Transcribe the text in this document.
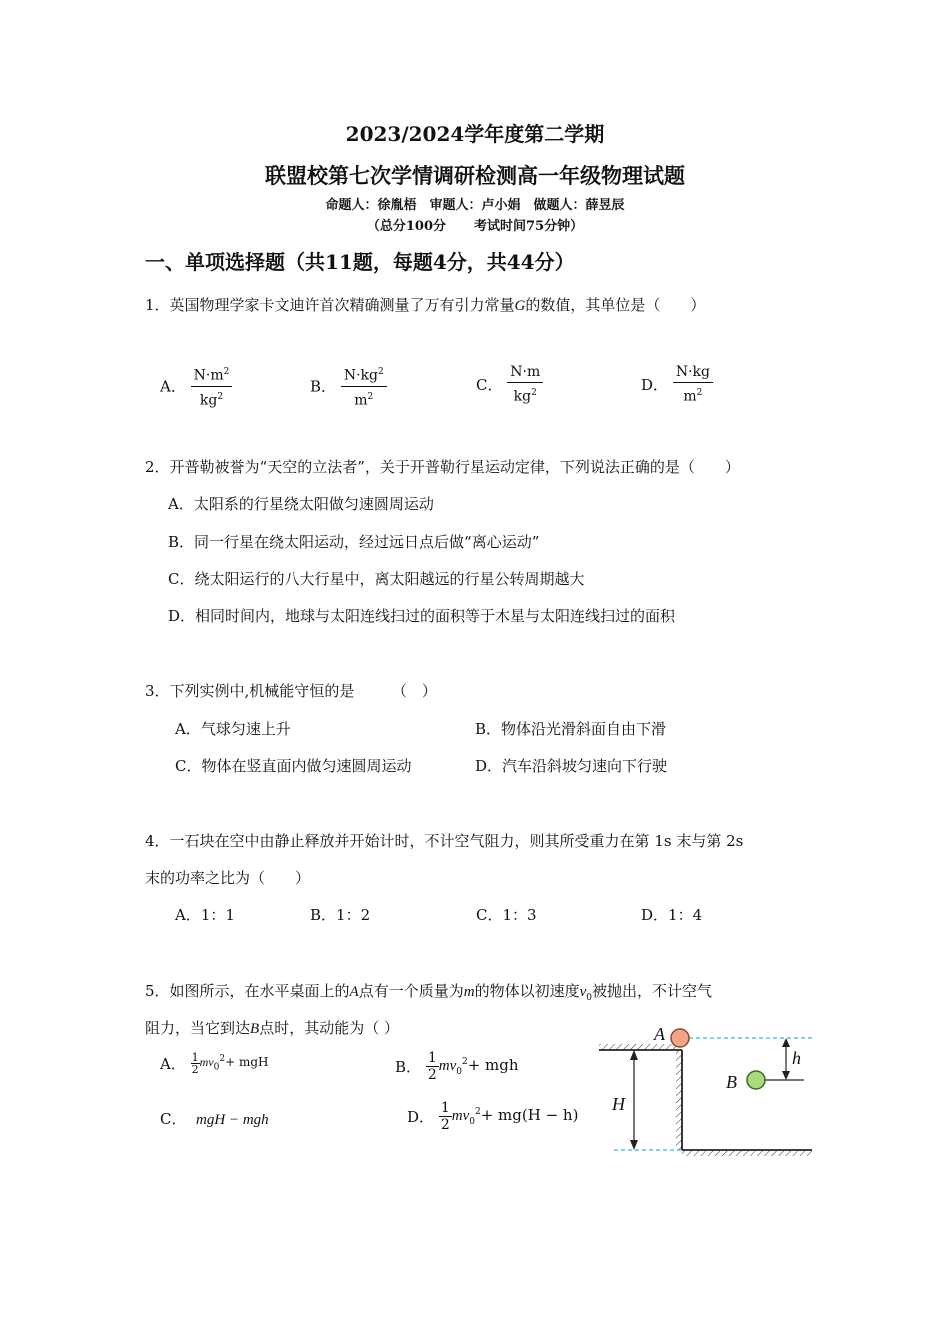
2023/2024学年度第二学期
联盟校第七次学情调研检测高一年级物理试题
命题人：徐胤梧　审题人：卢小娟　做题人：薛昱辰
（总分100分 考试时间75分钟）
一、单项选择题（共11题，每题4分，共44分）
1．英国物理学家卡文迪许首次精确测量了万有引力常量G的数值，其单位是（　　）
A． $\frac{N\cdot m^2}{kg^2}$	B． $\frac{N\cdot kg^2}{m^2}$	C． $\frac{N\cdot m}{kg^2}$	D． $\frac{N\cdot kg}{m^2}$
2．开普勒被誉为“天空的立法者”，关于开普勒行星运动定律，下列说法正确的是（　　）
A．太阳系的行星绕太阳做匀速圆周运动
B．同一行星在绕太阳运动，经过远日点后做“离心运动”
C．绕太阳运行的八大行星中，离太阳越远的行星公转周期越大
D．相同时间内，地球与太阳连线扫过的面积等于木星与太阳连线扫过的面积
3．下列实例中,机械能守恒的是　　　（　）
A．气球匀速上升	B．物体沿光滑斜面自由下滑
C．物体在竖直面内做匀速圆周运动	D．汽车沿斜坡匀速向下行驶
4．一石块在空中由静止释放并开始计时，不计空气阻力，则其所受重力在第 1s 末与第 2s
末的功率之比为（　　）
A．1：1	B．1：2	C．1：3	D．1：4
5．如图所示，在水平桌面上的A点有一个质量为m的物体以初速度$v_0$被抛出，不计空气
阻力，当它到达B点时，其动能为（ ）
A． $\frac{1}{2} mv_0^2+$ mgH	B． $\frac{1}{2} mv_0^2+$ mgh
C． mgH − mgh	D． $\frac{1}{2} mv_0^2+ mg(H - h)$
H
h
A
B
